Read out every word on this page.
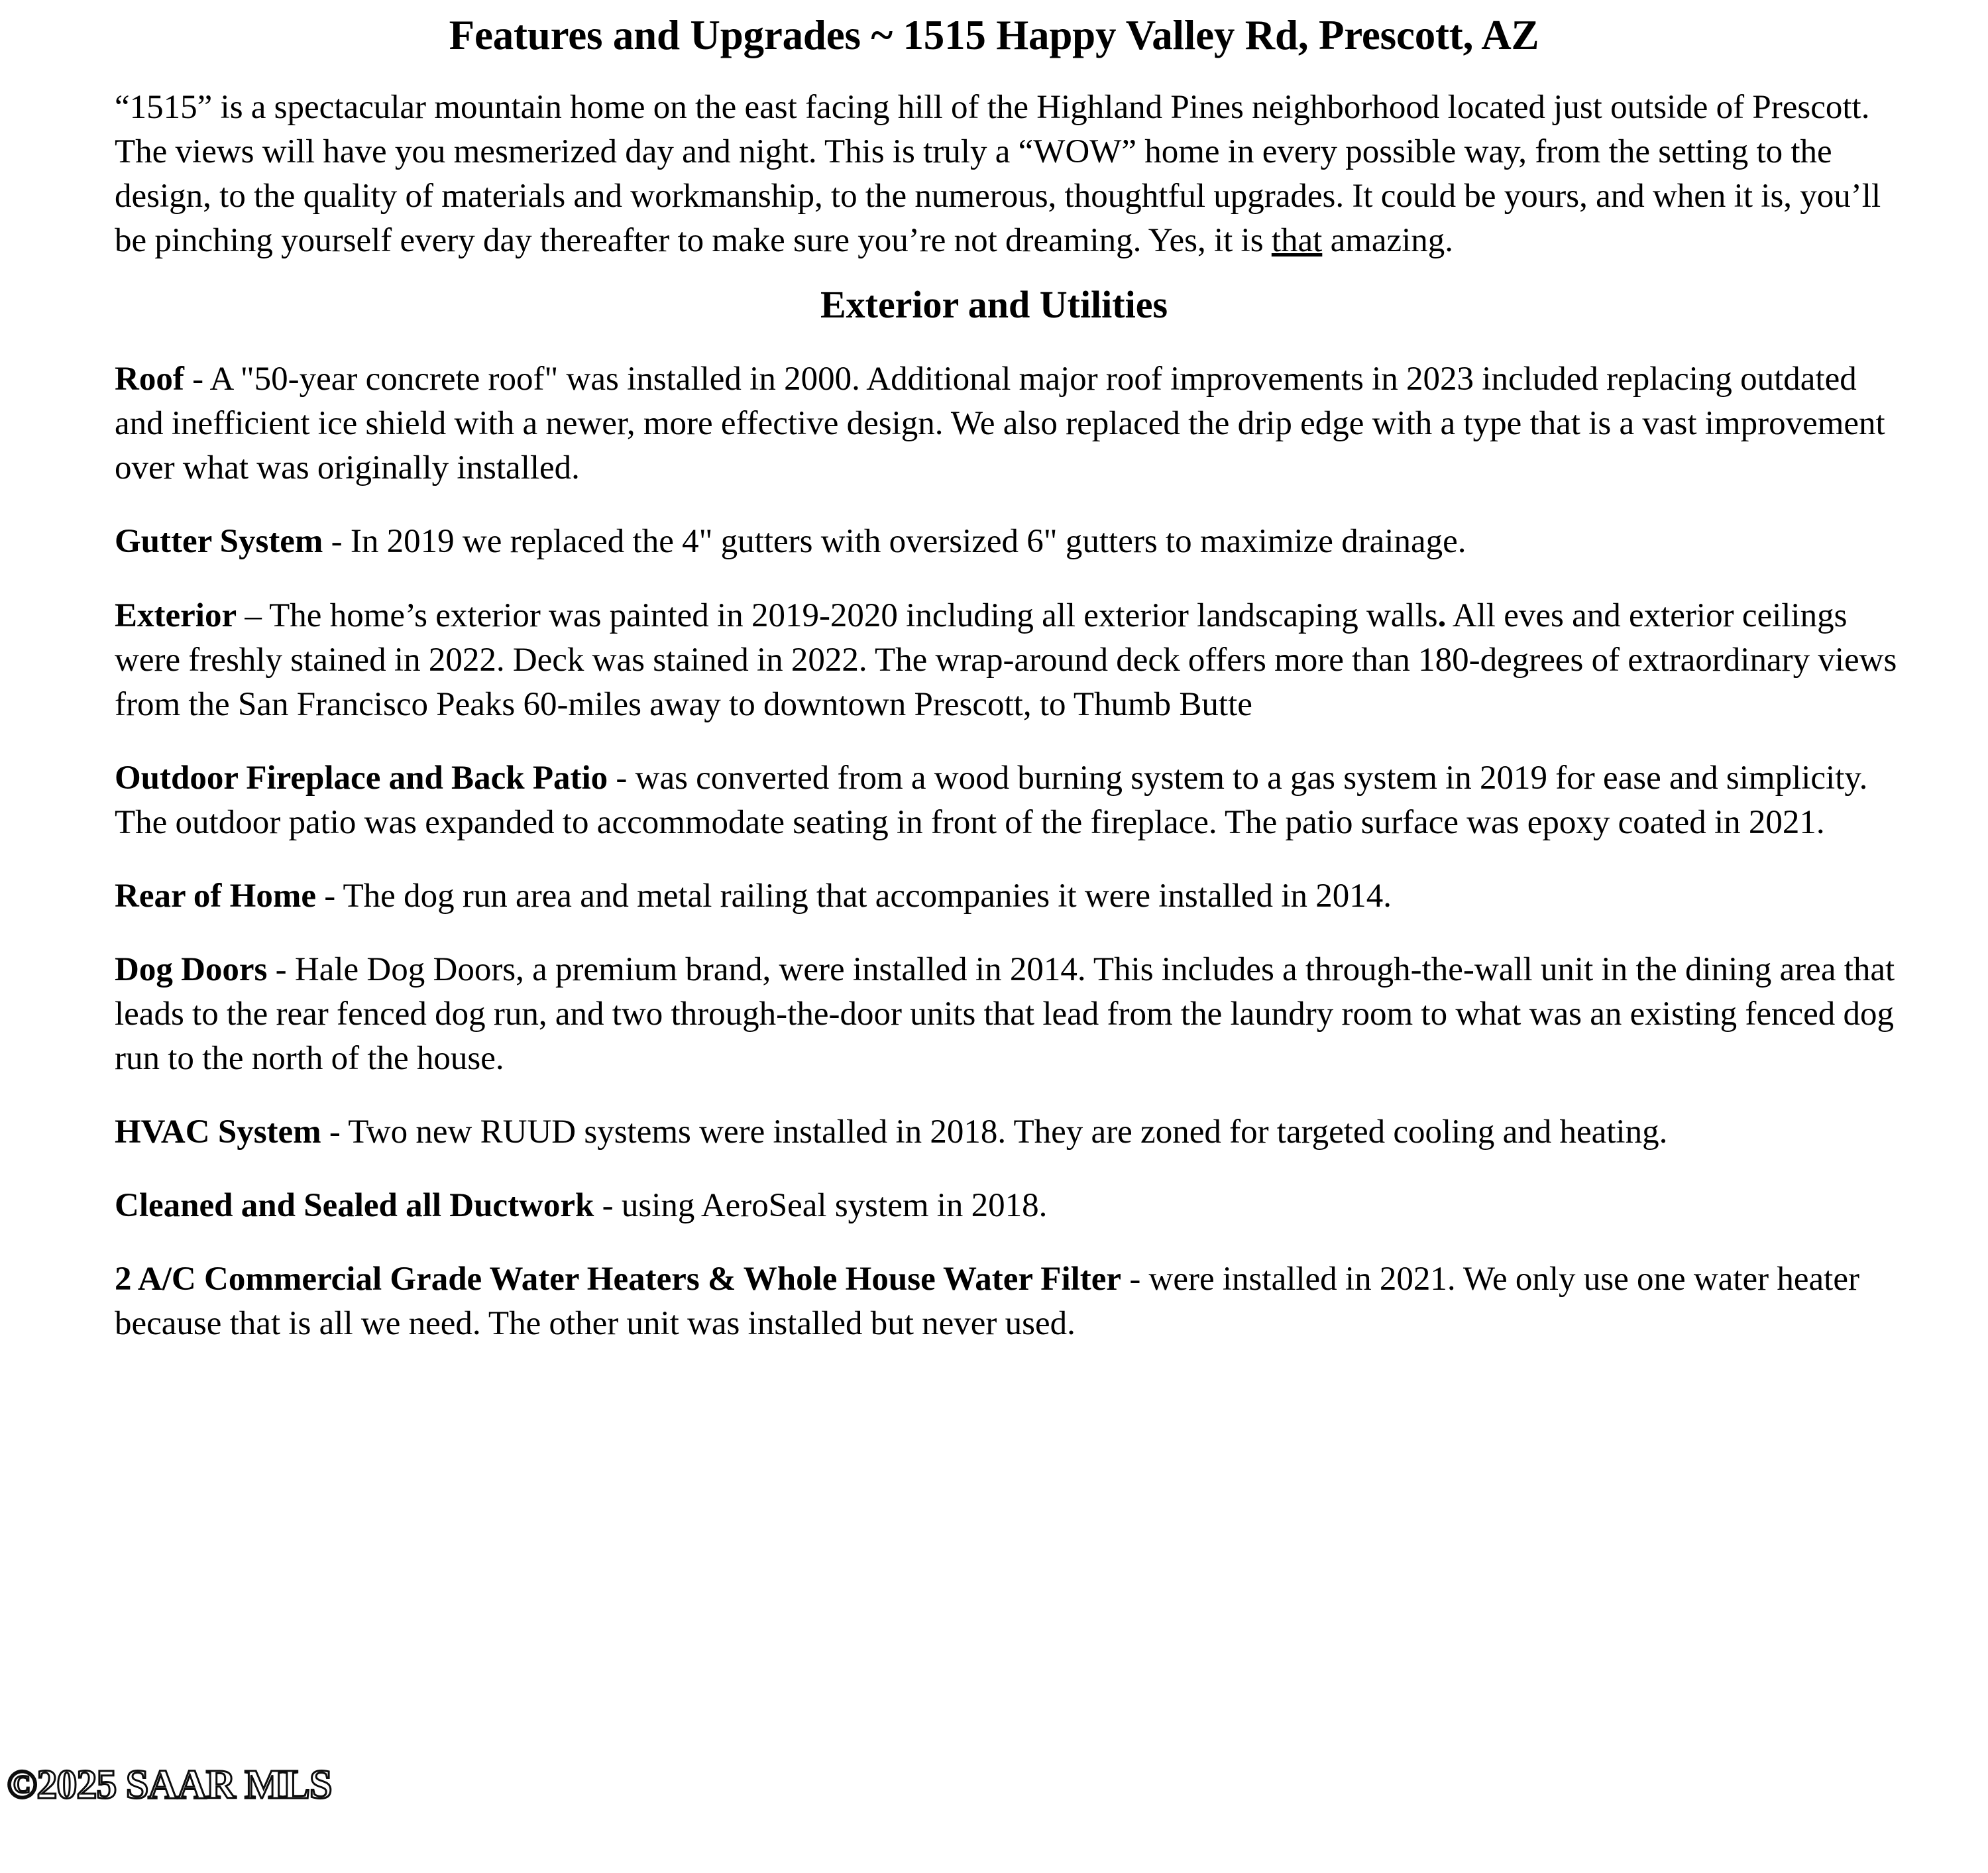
Features and Upgrades ~ 1515 Happy Valley Rd, Prescott, AZ

“1515” is a spectacular mountain home on the east facing hill of the Highland Pines neighborhood located just outside of Prescott. The views will have you mesmerized day and night. This is truly a “WOW” home in every possible way, from the setting to the design, to the quality of materials and workmanship, to the numerous, thoughtful upgrades. It could be yours, and when it is, you’ll be pinching yourself every day thereafter to make sure you’re not dreaming. Yes, it is that amazing.

Exterior and Utilities

Roof - A "50-year concrete roof" was installed in 2000. Additional major roof improvements in 2023 included replacing outdated and inefficient ice shield with a newer, more effective design. We also replaced the drip edge with a type that is a vast improvement over what was originally installed.

Gutter System - In 2019 we replaced the 4" gutters with oversized 6" gutters to maximize drainage.

Exterior – The home’s exterior was painted in 2019-2020 including all exterior landscaping walls. All eves and exterior ceilings were freshly stained in 2022. Deck was stained in 2022. The wrap-around deck offers more than 180-degrees of extraordinary views from the San Francisco Peaks 60-miles away to downtown Prescott, to Thumb Butte

Outdoor Fireplace and Back Patio - was converted from a wood burning system to a gas system in 2019 for ease and simplicity. The outdoor patio was expanded to accommodate seating in front of the fireplace. The patio surface was epoxy coated in 2021.

Rear of Home - The dog run area and metal railing that accompanies it were installed in 2014.

Dog Doors - Hale Dog Doors, a premium brand, were installed in 2014. This includes a through-the-wall unit in the dining area that leads to the rear fenced dog run, and two through-the-door units that lead from the laundry room to what was an existing fenced dog run to the north of the house.

HVAC System - Two new RUUD systems were installed in 2018. They are zoned for targeted cooling and heating.

Cleaned and Sealed all Ductwork - using AeroSeal system in 2018.

2 A/C Commercial Grade Water Heaters & Whole House Water Filter - were installed in 2021. We only use one water heater because that is all we need. The other unit was installed but never used.

©2025 SAAR MLS
